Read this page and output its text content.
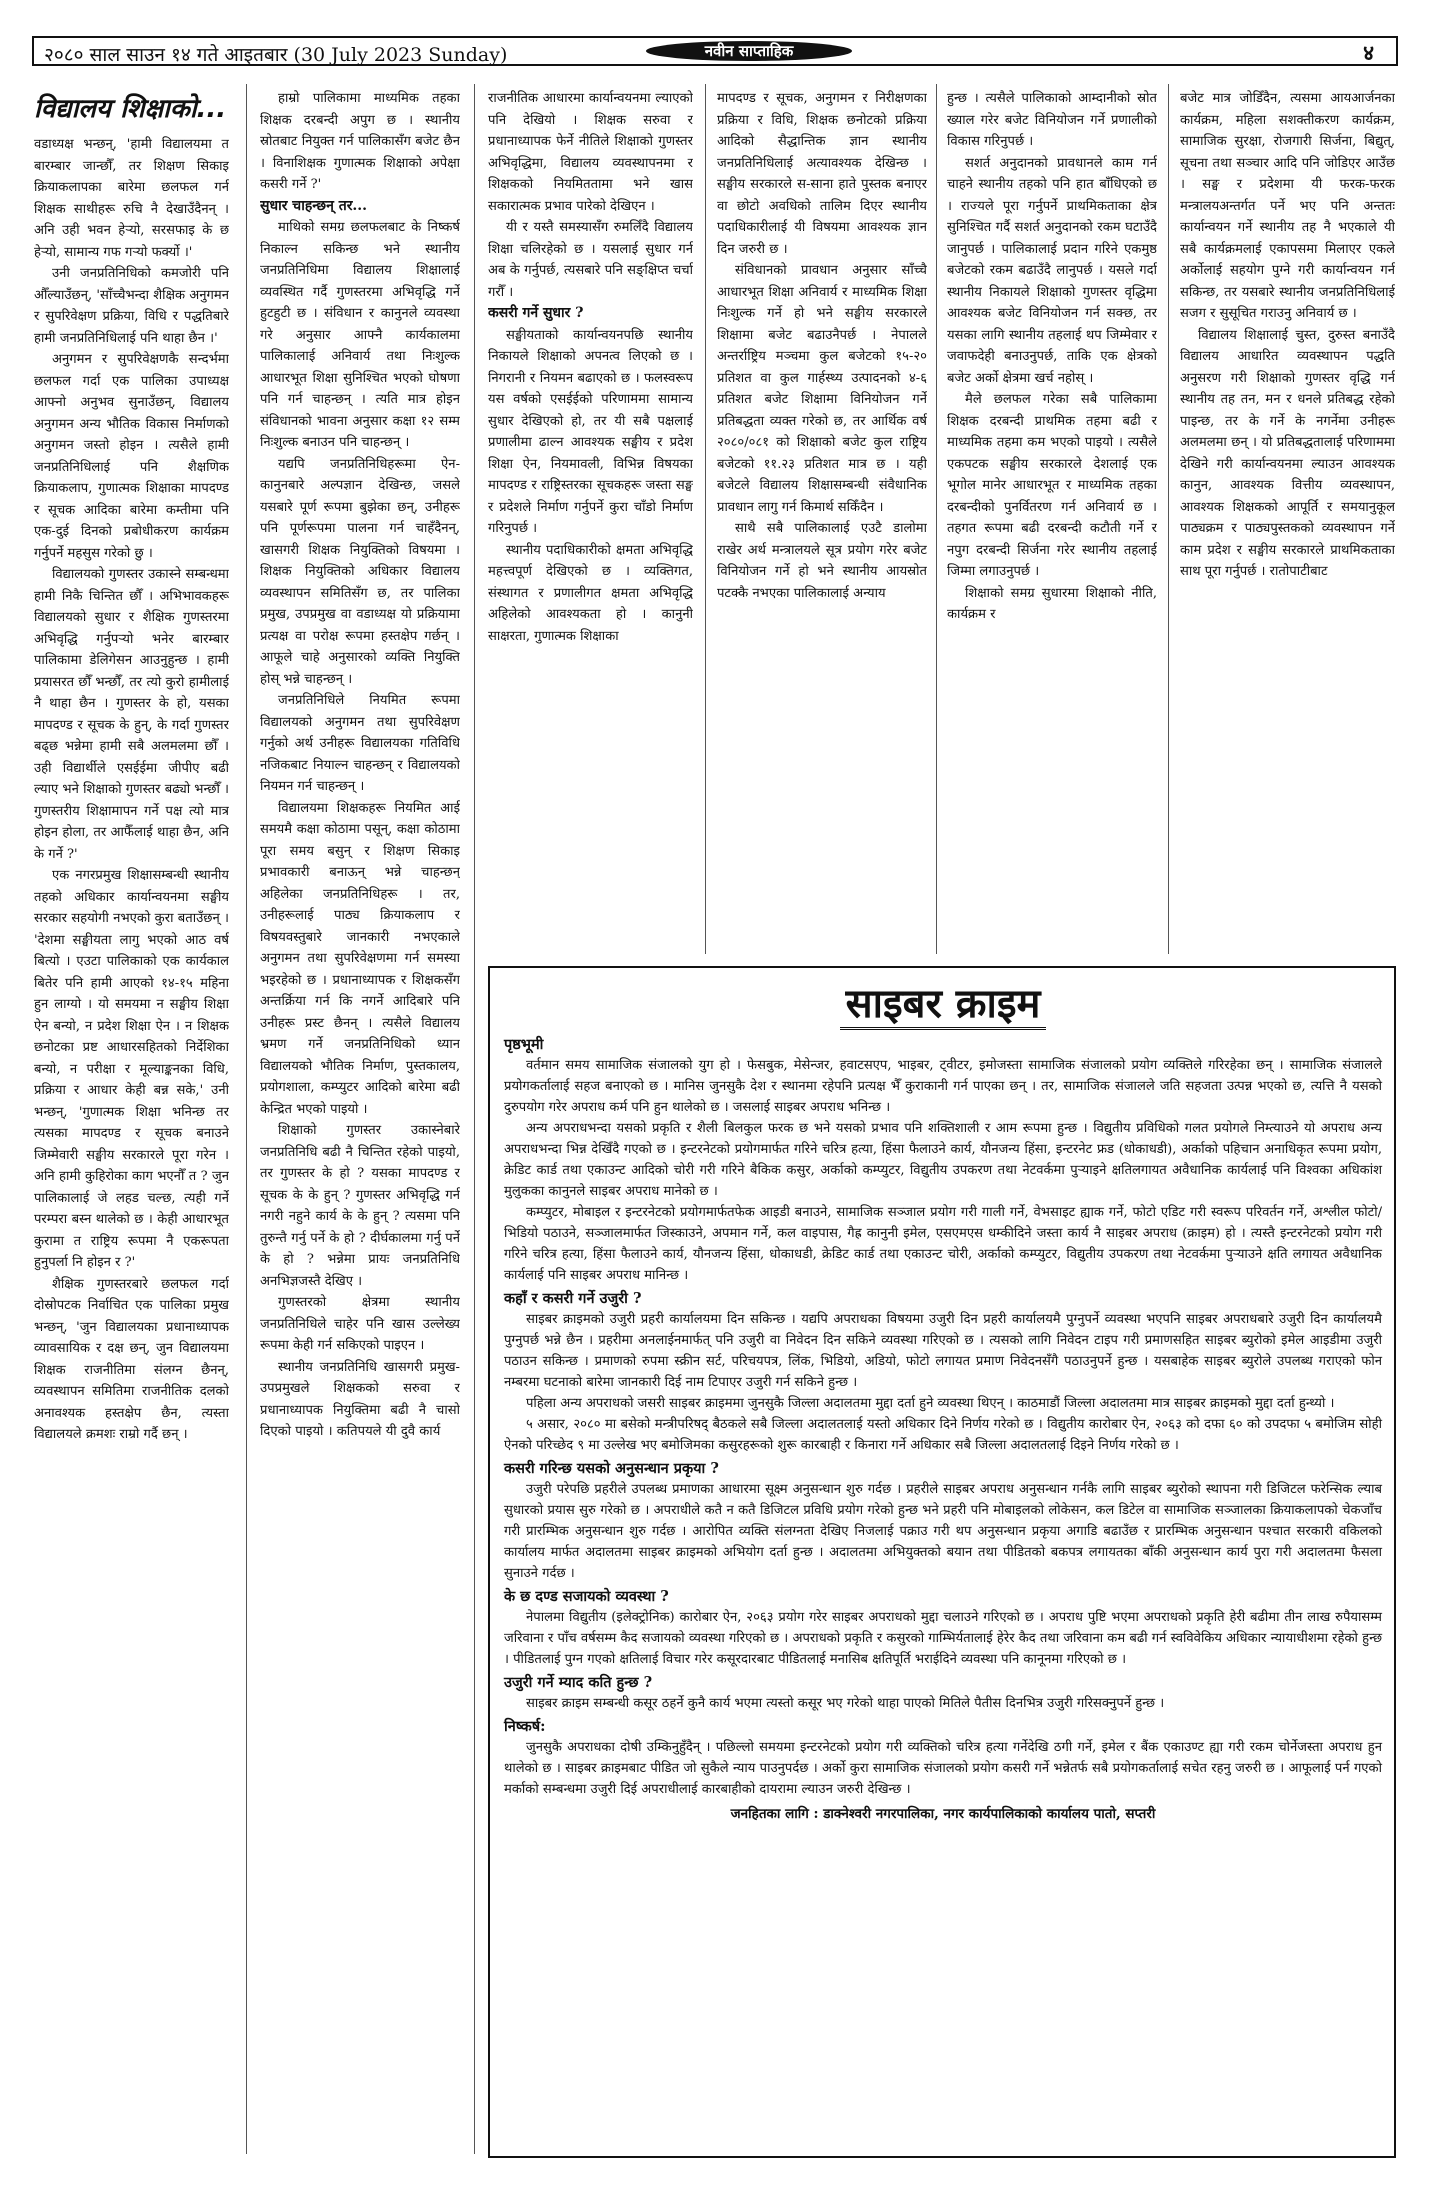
२०८० साल साउन १४ गते आइतबार (30 July 2023 Sunday)	नवीन साप्ताहिक	४
विद्यालय शिक्षाको...

वडाध्यक्ष भन्छन्, 'हामी विद्यालयमा त बारम्बार जान्छौँ, तर शिक्षण सिकाइ क्रियाकलापका बारेमा छलफल गर्न शिक्षक साथीहरू रुचि नै देखाउँदैनन् । अनि उही भवन हेर्‍यो, सरसफाइ के छ हेर्‍यो, सामान्य गफ गर्‍यो फर्क्यो ।'

उनी जनप्रतिनिधिको कमजोरी पनि औँल्याउँछन्, 'साँच्चैभन्दा शैक्षिक अनुगमन र सुपरिवेक्षण प्रक्रिया, विधि र पद्धतिबारे हामी जनप्रतिनिधिलाई पनि थाहा छैन ।'

अनुगमन र सुपरिवेक्षणकै सन्दर्भमा छलफल गर्दा एक पालिका उपाध्यक्ष आफ्नो अनुभव सुनाउँछन्, विद्यालय अनुगमन अन्य भौतिक विकास निर्माणको अनुगमन जस्तो होइन । त्यसैले हामी जनप्रतिनिधिलाई पनि शैक्षणिक क्रियाकलाप, गुणात्मक शिक्षाका मापदण्ड र सूचक आदिका बारेमा कम्तीमा पनि एक-दुई दिनको प्रबोधीकरण कार्यक्रम गर्नुपर्ने महसुस गरेको छु ।

विद्यालयको गुणस्तर उकास्ने सम्बन्धमा हामी निकै चिन्तित छौँ । अभिभावकहरू विद्यालयको सुधार र शैक्षिक गुणस्तरमा अभिवृद्धि गर्नुपर्‍यो भनेर बारम्बार पालिकामा डेलिगेसन आउनुहुन्छ । हामी प्रयासरत छौँ भन्छौँ, तर त्यो कुरो हामीलाई नै थाहा छैन । गुणस्तर के हो, यसका मापदण्ड र सूचक के हुन्, के गर्दा गुणस्तर बढ्छ भन्नेमा हामी सबै अलमलमा छौँ । उही विद्यार्थीले एसईईमा जीपीए बढी ल्याए भने शिक्षाको गुणस्तर बढ्यो भन्छौँ । गुणस्तरीय शिक्षामापन गर्ने पक्ष त्यो मात्र होइन होला, तर आफैँलाई थाहा छैन, अनि के गर्ने ?'

एक नगरप्रमुख शिक्षासम्बन्धी स्थानीय तहको अधिकार कार्यान्वयनमा सङ्घीय सरकार सहयोगी नभएको कुरा बताउँछन् । 'देशमा सङ्घीयता लागु भएको आठ वर्ष बित्यो । एउटा पालिकाको एक कार्यकाल बितेर पनि हामी आएको १४-१५ महिना हुन लाग्यो । यो समयमा न सङ्घीय शिक्षा ऐन बन्यो, न प्रदेश शिक्षा ऐन । न शिक्षक छनोटका प्रष्ट आधारसहितको निर्देशिका बन्यो, न परीक्षा र मूल्याङ्कनका विधि, प्रक्रिया र आधार केही बन्न सके,' उनी भन्छन्, 'गुणात्मक शिक्षा भनिन्छ तर त्यसका मापदण्ड र सूचक बनाउने जिम्मेवारी सङ्घीय सरकारले पूरा गरेन । अनि हामी कुहिरोका काग भएनौँ त ? जुन पालिकालाई जे लहड चल्छ, त्यही गर्ने परम्परा बस्न थालेको छ । केही आधारभूत कुरामा त राष्ट्रिय रूपमा नै एकरूपता हुनुपर्ला नि होइन र ?'

शैक्षिक गुणस्तरबारे छलफल गर्दा दोस्रोपटक निर्वाचित एक पालिका प्रमुख भन्छन्, 'जुन विद्यालयका प्रधानाध्यापक व्यावसायिक र दक्ष छन्, जुन विद्यालयमा शिक्षक राजनीतिमा संलग्न छैनन्, व्यवस्थापन समितिमा राजनीतिक दलको अनावश्यक हस्तक्षेप छैन, त्यस्ता विद्यालयले क्रमशः राम्रो गर्दै छन् ।

हाम्रो पालिकामा माध्यमिक तहका शिक्षक दरबन्दी अपुग छ । स्थानीय स्रोतबाट नियुक्त गर्न पालिकासँग बजेट छैन । विनाशिक्षक गुणात्मक शिक्षाको अपेक्षा कसरी गर्ने ?'

सुधार चाहन्छन् तर...

माथिको समग्र छलफलबाट के निष्कर्ष निकाल्न सकिन्छ भने स्थानीय जनप्रतिनिधिमा विद्यालय शिक्षालाई व्यवस्थित गर्दै गुणस्तरमा अभिवृद्धि गर्ने हुटहुटी छ । संविधान र कानुनले व्यवस्था गरे अनुसार आफ्नै कार्यकालमा पालिकालाई अनिवार्य तथा निःशुल्क आधारभूत शिक्षा सुनिश्चित भएको घोषणा पनि गर्न चाहन्छन् । त्यति मात्र होइन संविधानको भावना अनुसार कक्षा १२ सम्म निःशुल्क बनाउन पनि चाहन्छन् ।

यद्यपि जनप्रतिनिधिहरूमा ऐन-कानुनबारे अल्पज्ञान देखिन्छ, जसले यसबारे पूर्ण रूपमा बुझेका छन्, उनीहरू पनि पूर्णरूपमा पालना गर्न चाहँदैनन्, खासगरी शिक्षक नियुक्तिको विषयमा । शिक्षक नियुक्तिको अधिकार विद्यालय व्यवस्थापन समितिसँग छ, तर पालिका प्रमुख, उपप्रमुख वा वडाध्यक्ष यो प्रक्रियामा प्रत्यक्ष वा परोक्ष रूपमा हस्तक्षेप गर्छन् । आफूले चाहे अनुसारको व्यक्ति नियुक्ति होस् भन्ने चाहन्छन् ।

जनप्रतिनिधिले नियमित रूपमा विद्यालयको अनुगमन तथा सुपरिवेक्षण गर्नुको अर्थ उनीहरू विद्यालयका गतिविधि नजिकबाट नियाल्न चाहन्छन् र विद्यालयको नियमन गर्न चाहन्छन् ।

विद्यालयमा शिक्षकहरू नियमित आई समयमै कक्षा कोठामा पसून्, कक्षा कोठामा पूरा समय बसुन् र शिक्षण सिकाइ प्रभावकारी बनाऊन् भन्ने चाहन्छन् अहिलेका जनप्रतिनिधिहरू । तर, उनीहरूलाई पाठ्य क्रियाकलाप र विषयवस्तुबारे जानकारी नभएकाले अनुगमन तथा सुपरिवेक्षणमा गर्न समस्या भइरहेको छ । प्रधानाध्यापक र शिक्षकसँग अन्तर्क्रिया गर्न कि नगर्ने आदिबारे पनि उनीहरू प्रस्ट छैनन् । त्यसैले विद्यालय भ्रमण गर्ने जनप्रतिनिधिको ध्यान विद्यालयको भौतिक निर्माण, पुस्तकालय, प्रयोगशाला, कम्प्युटर आदिको बारेमा बढी केन्द्रित भएको पाइयो ।

शिक्षाको गुणस्तर उकास्नेबारे जनप्रतिनिधि बढी नै चिन्तित रहेको पाइयो, तर गुणस्तर के हो ? यसका मापदण्ड र सूचक के के हुन् ? गुणस्तर अभिवृद्धि गर्न नगरी नहुने कार्य के के हुन् ? त्यसमा पनि तुरुन्तै गर्नु पर्ने के हो ? दीर्घकालमा गर्नु पर्ने के हो ? भन्नेमा प्रायः जनप्रतिनिधि अनभिज्ञजस्तै देखिए ।

गुणस्तरको क्षेत्रमा स्थानीय जनप्रतिनिधिले चाहेर पनि खास उल्लेख्य रूपमा केही गर्न सकिएको पाइएन ।

स्थानीय जनप्रतिनिधि खासगरी प्रमुख-उपप्रमुखले शिक्षकको सरुवा र प्रधानाध्यापक नियुक्तिमा बढी नै चासो दिएको पाइयो । कतिपयले यी दुवै कार्य

राजनीतिक आधारमा कार्यान्वयनमा ल्याएको पनि देखियो । शिक्षक सरुवा र प्रधानाध्यापक फेर्ने नीतिले शिक्षाको गुणस्तर अभिवृद्धिमा, विद्यालय व्यवस्थापनमा र शिक्षकको नियमिततामा भने खास सकारात्मक प्रभाव पारेको देखिएन ।

यी र यस्तै समस्यासँग रुमलिँदै विद्यालय शिक्षा चलिरहेको छ । यसलाई सुधार गर्न अब के गर्नुपर्छ, त्यसबारे पनि सङ्क्षिप्त चर्चा गरौँ ।

कसरी गर्ने सुधार ?

सङ्घीयताको कार्यान्वयनपछि स्थानीय निकायले शिक्षाको अपनत्व लिएको छ । निगरानी र नियमन बढाएको छ । फलस्वरूप यस वर्षको एसईईको परिणाममा सामान्य सुधार देखिएको हो, तर यी सबै पक्षलाई प्रणालीमा ढाल्न आवश्यक सङ्घीय र प्रदेश शिक्षा ऐन, नियमावली, विभिन्न विषयका मापदण्ड र राष्ट्रिस्तरका सूचकहरू जस्ता सङ्घ र प्रदेशले निर्माण गर्नुपर्ने कुरा चाँडो निर्माण गरिनुपर्छ ।

स्थानीय पदाधिकारीको क्षमता अभिवृद्धि महत्त्वपूर्ण देखिएको छ । व्यक्तिगत, संस्थागत र प्रणालीगत क्षमता अभिवृद्धि अहिलेको आवश्यकता हो । कानुनी साक्षरता, गुणात्मक शिक्षाका

मापदण्ड र सूचक, अनुगमन र निरीक्षणका प्रक्रिया र विधि, शिक्षक छनोटको प्रक्रिया आदिको सैद्धान्तिक ज्ञान स्थानीय जनप्रतिनिधिलाई अत्यावश्यक देखिन्छ । सङ्घीय सरकारले स-साना हाते पुस्तक बनाएर वा छोटो अवधिको तालिम दिएर स्थानीय पदाधिकारीलाई यी विषयमा आवश्यक ज्ञान दिन जरुरी छ ।

संविधानको प्रावधान अनुसार साँच्चै आधारभूत शिक्षा अनिवार्य र माध्यमिक शिक्षा निःशुल्क गर्ने हो भने सङ्घीय सरकारले शिक्षामा बजेट बढाउनैपर्छ । नेपालले अन्तर्राष्ट्रिय मञ्चमा कुल बजेटको १५-२० प्रतिशत वा कुल गार्हस्थ्य उत्पादनको ४-६ प्रतिशत बजेट शिक्षामा विनियोजन गर्ने प्रतिबद्धता व्यक्त गरेको छ, तर आर्थिक वर्ष २०८०/०८१ को शिक्षाको बजेट कुल राष्ट्रिय बजेटको ११.२३ प्रतिशत मात्र छ । यही बजेटले विद्यालय शिक्षासम्बन्धी संवैधानिक प्रावधान लागु गर्न किमार्थ सकिँदैन ।

साथै सबै पालिकालाई एउटै डालोमा राखेर अर्थ मन्त्रालयले सूत्र प्रयोग गरेर बजेट विनियोजन गर्ने हो भने स्थानीय आयस्रोत पटक्कै नभएका पालिकालाई अन्याय

हुन्छ । त्यसैले पालिकाको आम्दानीको स्रोत ख्याल गरेर बजेट विनियोजन गर्ने प्रणालीको विकास गरिनुपर्छ ।

सशर्त अनुदानको प्रावधानले काम गर्न चाहने स्थानीय तहको पनि हात बाँधिएको छ । राज्यले पूरा गर्नुपर्ने प्राथमिकताका क्षेत्र सुनिश्चित गर्दै सशर्त अनुदानको रकम घटाउँदै जानुपर्छ । पालिकालाई प्रदान गरिने एकमुष्ठ बजेटको रकम बढाउँदै लानुपर्छ । यसले गर्दा स्थानीय निकायले शिक्षाको गुणस्तर वृद्धिमा आवश्यक बजेट विनियोजन गर्न सक्छ, तर यसका लागि स्थानीय तहलाई थप जिम्मेवार र जवाफदेही बनाउनुपर्छ, ताकि एक क्षेत्रको बजेट अर्को क्षेत्रमा खर्च नहोस् ।

मैले छलफल गरेका सबै पालिकामा शिक्षक दरबन्दी प्राथमिक तहमा बढी र माध्यमिक तहमा कम भएको पाइयो । त्यसैले एकपटक सङ्घीय सरकारले देशलाई एक भूगोल मानेर आधारभूत र माध्यमिक तहका दरबन्दीको पुनर्वितरण गर्न अनिवार्य छ । तहगत रूपमा बढी दरबन्दी कटौती गर्ने र नपुग दरबन्दी सिर्जना गरेर स्थानीय तहलाई जिम्मा लगाउनुपर्छ ।

शिक्षाको समग्र सुधारमा शिक्षाको नीति, कार्यक्रम र

बजेट मात्र जोडिँदैन, त्यसमा आयआर्जनका कार्यक्रम, महिला सशक्तीकरण कार्यक्रम, सामाजिक सुरक्षा, रोजगारी सिर्जना, बिद्युत्, सूचना तथा सञ्चार आदि पनि जोडिएर आउँछ । सङ्घ र प्रदेशमा यी फरक-फरक मन्त्रालयअन्तर्गत पर्ने भए पनि अन्ततः कार्यान्वयन गर्ने स्थानीय तह नै भएकाले यी सबै कार्यक्रमलाई एकापसमा मिलाएर एकले अर्कोलाई सहयोग पुग्ने गरी कार्यान्वयन गर्न सकिन्छ, तर यसबारे स्थानीय जनप्रतिनिधिलाई सजग र सुसूचित गराउनु अनिवार्य छ ।

विद्यालय शिक्षालाई चुस्त, दुरुस्त बनाउँदै विद्यालय आधारित व्यवस्थापन पद्धति अनुसरण गरी शिक्षाको गुणस्तर वृद्धि गर्न स्थानीय तह तन, मन र धनले प्रतिबद्ध रहेको पाइन्छ, तर के गर्ने के नगर्नेमा उनीहरू अलमलमा छन् । यो प्रतिबद्धतालाई परिणाममा देखिने गरी कार्यान्वयनमा ल्याउन आवश्यक कानुन, आवश्यक वित्तीय व्यवस्थापन, आवश्यक शिक्षकको आपूर्ति र समयानुकूल पाठ्यक्रम र पाठ्यपुस्तकको व्यवस्थापन गर्ने काम प्रदेश र सङ्घीय सरकारले प्राथमिकताका साथ पूरा गर्नुपर्छ । रातोपाटीबाट

साइबर क्राइम
पृष्ठभूमी

वर्तमान समय सामाजिक संजालको युग हो । फेसबुक, मेसेन्जर, हवाटसएप, भाइबर, ट्वीटर, इमोजस्ता सामाजिक संजालको प्रयोग व्यक्तिले गरिरहेका छन् । सामाजिक संजालले प्रयोगकर्तालाई सहज बनाएको छ । मानिस जुनसुकै देश र स्थानमा रहेपनि प्रत्यक्ष भैँ कुराकानी गर्न पाएका छन् । तर, सामाजिक संजालले जति सहजता उत्पन्न भएको छ, त्यत्ति नै यसको दुरुपयोग गरेर अपराध कर्म पनि हुन थालेको छ । जसलाई साइबर अपराध भनिन्छ ।

अन्य अपराधभन्दा यसको प्रकृति र शैली बिलकुल फरक छ भने यसको प्रभाव पनि शक्तिशाली र आम रूपमा हुन्छ । विद्युतीय प्रविधिको गलत प्रयोगले निम्त्याउने यो अपराध अन्य अपराधभन्दा भिन्न देखिँदै गएको छ । इन्टरनेटको प्रयोगमार्फत गरिने चरित्र हत्या, हिंसा फैलाउने कार्य, यौनजन्य हिंसा, इन्टरनेट फ्रड (धोकाधडी), अर्काको पहिचान अनाधिकृत रूपमा प्रयोग, क्रेडिट कार्ड तथा एकाउन्ट आदिको चोरी गरी गरिने बैकिक कसुर, अर्काको कम्प्युटर, विद्युतीय उपकरण तथा नेटवर्कमा पुऱ्याइने क्षतिलगायत अवैधानिक कार्यलाई पनि विश्वका अधिकांश मुलुकका कानुनले साइबर अपराध मानेको छ ।

कम्प्युटर, मोबाइल र इन्टरनेटको प्रयोगमार्फतफेक आइडी बनाउने, सामाजिक सञ्जाल प्रयोग गरी गाली गर्ने, वेभसाइट ह्याक गर्ने, फोटो एडिट गरी स्वरूप परिवर्तन गर्ने, अश्लील फोटो/भिडियो पठाउने, सञ्जालमार्फत जिस्काउने, अपमान गर्ने, कल वाइपास, गैह्र कानुनी इमेल, एसएमएस धम्कीदिने जस्ता कार्य नै साइबर अपराध (क्राइम) हो । त्यस्तै इन्टरनेटको प्रयोग गरी गरिने चरित्र हत्या, हिंसा फैलाउने कार्य, यौनजन्य हिंसा, धोकाधडी, क्रेडिट कार्ड तथा एकाउन्ट चोरी, अर्काको कम्प्युटर, विद्युतीय उपकरण तथा नेटवर्कमा पुर्‍याउने क्षति लगायत अवैधानिक कार्यलाई पनि साइबर अपराध मानिन्छ ।

कहाँ र कसरी गर्ने उजुरी ?

साइबर क्राइमको उजुरी प्रहरी कार्यालयमा दिन सकिन्छ । यद्यपि अपराधका विषयमा उजुरी दिन प्रहरी कार्यालयमै पुग्नुपर्ने व्यवस्था भएपनि साइबर अपराधबारे उजुरी दिन कार्यालयमै पुग्नुपर्छ भन्ने छैन । प्रहरीमा अनलाईनमार्फत् पनि उजुरी वा निवेदन दिन सकिने व्यवस्था गरिएको छ । त्यसको लागि निवेदन टाइप गरी प्रमाणसहित साइबर ब्युरोको इमेल आइडीमा उजुरी पठाउन सकिन्छ । प्रमाणको रुपमा स्क्रीन सर्ट, परिचयपत्र, लिंक, भिडियो, अडियो, फोटो लगायत प्रमाण निवेदनसँगै पठाउनुपर्ने हुन्छ । यसबाहेक साइबर ब्युरोले उपलब्ध गराएको फोन नम्बरमा घटनाको बारेमा जानकारी दिई नाम टिपाएर उजुरी गर्न सकिने हुन्छ ।

पहिला अन्य अपराधको जसरी साइबर क्राइममा जुनसुकै जिल्ला अदालतमा मुद्दा दर्ता हुने व्यवस्था थिएन् । काठमाडौं जिल्ला अदालतमा मात्र साइबर क्राइमको मुद्दा दर्ता हुन्थ्यो ।

५ असार, २०८० मा बसेको मन्त्रीपरिषद् बैठकले सबै जिल्ला अदालतलाई यस्तो अधिकार दिने निर्णय गरेको छ । विद्युतीय कारोबार ऐन, २०६३ को दफा ६० को उपदफा ५ बमोजिम सोही ऐनको परिच्छेद ९ मा उल्लेख भए बमोजिमका कसुरहरूको शुरू कारबाही र किनारा गर्ने अधिकार सबै जिल्ला अदालतलाई दिइने निर्णय गरेको छ ।

कसरी गरिन्छ यसको अनुसन्धान प्रकृया ?

उजुरी परेपछि प्रहरीले उपलब्ध प्रमाणका आधारमा सूक्ष्म अनुसन्धान शुरु गर्दछ । प्रहरीले साइबर अपराध अनुसन्धान गर्नकै लागि साइबर ब्युरोको स्थापना गरी डिजिटल फरेन्सिक ल्याब सुधारको प्रयास सुरु गरेको छ । अपराधीले कतै न कतै डिजिटल प्रविधि प्रयोग गरेको हुन्छ भने प्रहरी पनि मोबाइलको लोकेसन, कल डिटेल वा सामाजिक सञ्जालका क्रियाकलापको चेकजाँच गरी प्रारम्भिक अनुसन्धान शुरु गर्दछ । आरोपित व्यक्ति संलग्नता देखिए निजलाई पक्राउ गरी थप अनुसन्धान प्रकृया अगाडि बढाउँछ र प्रारम्भिक अनुसन्धान पश्चात सरकारी वकिलको कार्यालय मार्फत अदालतमा साइबर क्राइमको अभियोग दर्ता हुन्छ । अदालतमा अभियुक्तको बयान तथा पीडितको बकपत्र लगायतका बाँकी अनुसन्धान कार्य पुरा गरी अदालतमा फैसला सुनाउने गर्दछ ।

के छ दण्ड सजायको व्यवस्था ?

नेपालमा विद्युतीय (इलेक्ट्रोनिक) कारोबार ऐन, २०६३ प्रयोग गरेर साइबर अपराधको मुद्दा चलाउने गरिएको छ । अपराध पुष्टि भएमा अपराधको प्रकृति हेरी बढीमा तीन लाख रुपैयासम्म जरिवाना र पाँच वर्षसम्म कैद सजायको व्यवस्था गरिएको छ । अपराधको प्रकृति र कसुरको गाम्भिर्यतालाई हेरेर कैद तथा जरिवाना कम बढी गर्न स्वविवेकिय अधिकार न्यायाधीशमा रहेको हुन्छ । पीडितलाई पुग्न गएको क्षतिलाई विचार गरेर कसूरदारबाट पीडितलाई मनासिब क्षतिपूर्ति भराईदिने व्यवस्था पनि कानूनमा गरिएको छ ।

उजुरी गर्ने म्याद कति हुन्छ ?

साइबर क्राइम सम्बन्धी कसूर ठहर्ने कुनै कार्य भएमा त्यस्तो कसूर भए गरेको थाहा पाएको मितिले पैतीस दिनभित्र उजुरी गरिसक्नुपर्ने हुन्छ ।

निष्कर्ष:

जुनसुकै अपराधका दोषी उम्किनुहुँदैन् । पछिल्लो समयमा इन्टरनेटको प्रयोग गरी व्यक्तिको चरित्र हत्या गर्नेदेखि ठगी गर्ने, इमेल र बैंक एकाउण्ट ह्या गरी रकम चोर्नेजस्ता अपराध हुन थालेको छ । साइबर क्राइमबाट पीडित जो सुकैले न्याय पाउनुपर्दछ । अर्को कुरा सामाजिक संजालको प्रयोग कसरी गर्ने भन्नेतर्फ सबै प्रयोगकर्तालाई सचेत रहनु जरुरी छ । आफूलाई पर्न गएको मर्काको सम्बन्धमा उजुरी दिई अपराधीलाई कारबाहीको दायरामा ल्याउन जरुरी देखिन्छ ।

जनहितका लागि : डाक्नेश्वरी नगरपालिका, नगर कार्यपालिकाको कार्यालय पातो, सप्तरी
